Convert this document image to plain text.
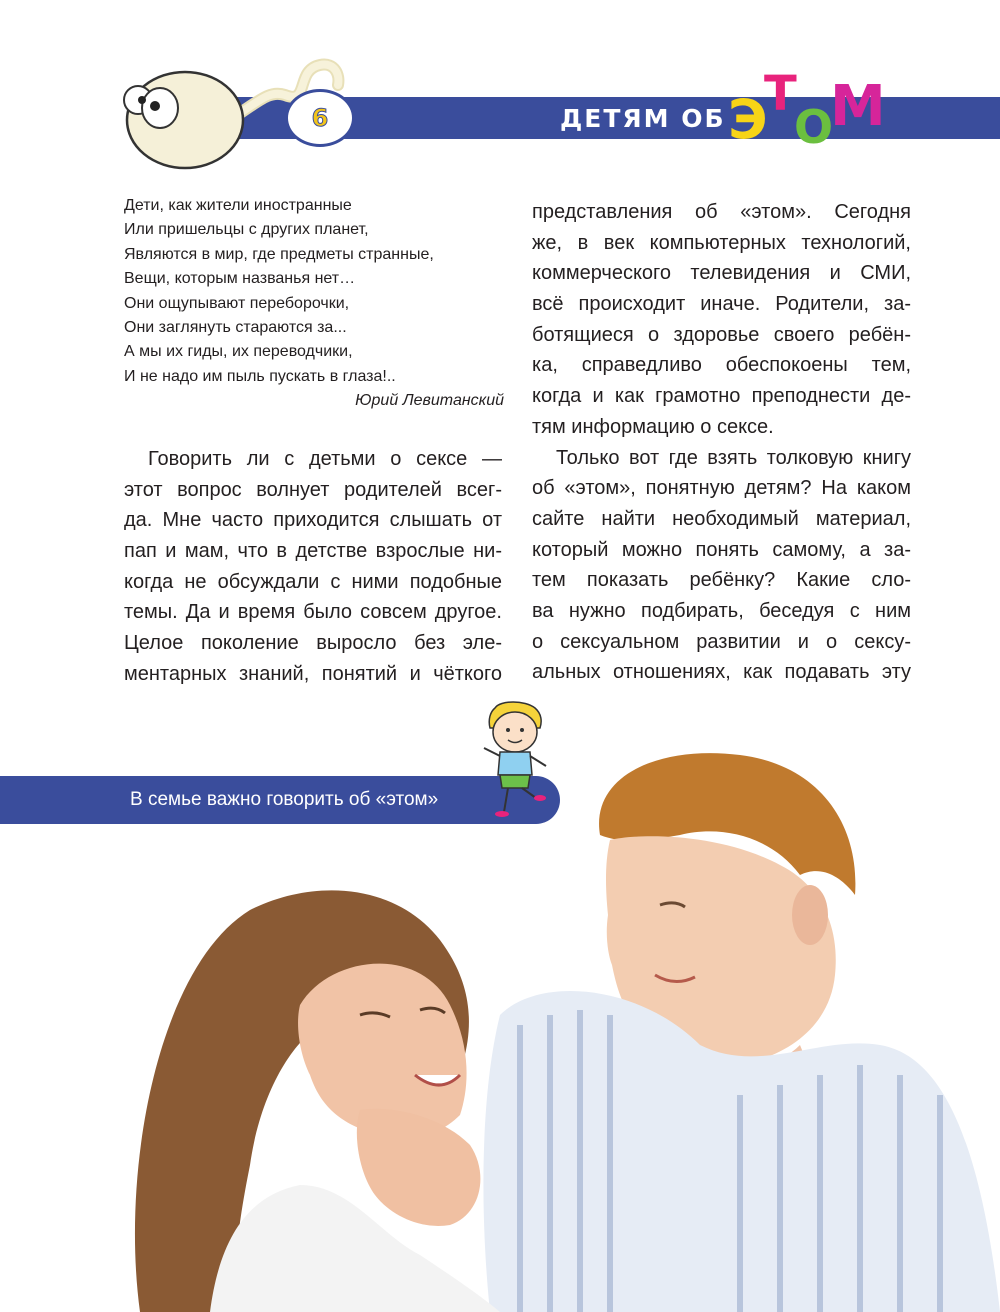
6	ДЕТЯМ ОБ Э
Т
О
М
Дети, как жители иностранные
Или пришельцы с других планет,
Являются в мир, где предметы странные,
Вещи, которым названья нет…
Они ощупывают переборочки,
Они заглянуть стараются за...
А мы их гиды, их переводчики,
И не надо им пыль пускать в глаза!..
Юрий Левитанский
Говорить ли с детьми о сексе —
этот вопрос волнует родителей всег-
да. Мне часто приходится слышать от
пап и мам, что в детстве взрослые ни-
когда не обсуждали с ними подобные
темы. Да и время было совсем другое.
Целое поколение выросло без эле-
ментарных знаний, понятий и чёткого
представления об «этом». Сегодня
же, в век компьютерных технологий,
коммерческого телевидения и СМИ,
всё происходит иначе. Родители, за-
ботящиеся о здоровье своего ребён-
ка, справедливо обеспокоены тем,
когда и как грамотно преподнести де-
тям информацию о сексе.
Только вот где взять толковую книгу
об «этом», понятную детям? На каком
сайте найти необходимый материал,
который можно понять самому, а за-
тем показать ребёнку? Какие сло-
ва нужно подбирать, беседуя с ним
о сексуальном развитии и о сексу-
альных отношениях, как подавать эту
В семье важно говорить об «этом»
